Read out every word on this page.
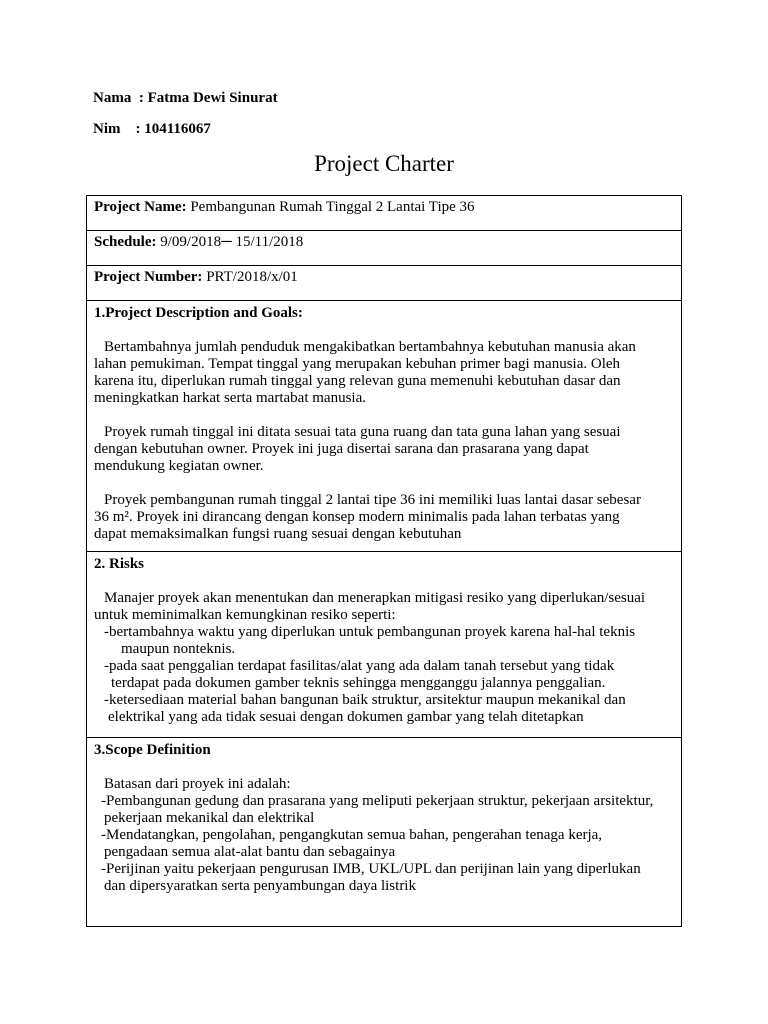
Nama  : Fatma Dewi Sinurat
Nim    : 104116067
Project Charter
Project Name: Pembangunan Rumah Tinggal 2 Lantai Tipe 36

Schedule: 9/09/2018─ 15/11/2018

Project Number: PRT/2018/x/01

1.Project Description and Goals:
Bertambahnya jumlah penduduk mengakibatkan bertambahnya kebutuhan manusia akan
lahan pemukiman. Tempat tinggal yang merupakan kebuhan primer bagi manusia. Oleh
karena itu, diperlukan rumah tinggal yang relevan guna memenuhi kebutuhan dasar dan
meningkatkan harkat serta martabat manusia.
Proyek rumah tinggal ini ditata sesuai tata guna ruang dan tata guna lahan yang sesuai
dengan kebutuhan owner. Proyek ini juga disertai sarana dan prasarana yang dapat
mendukung kegiatan owner.
Proyek pembangunan rumah tinggal 2 lantai tipe 36 ini memiliki luas lantai dasar sebesar
36 m². Proyek ini dirancang dengan konsep modern minimalis pada lahan terbatas yang
dapat memaksimalkan fungsi ruang sesuai dengan kebutuhan

2. Risks
Manajer proyek akan menentukan dan menerapkan mitigasi resiko yang diperlukan/sesuai
untuk meminimalkan kemungkinan resiko seperti:
-bertambahnya waktu yang diperlukan untuk pembangunan proyek karena hal-hal teknis
maupun nonteknis.
-pada saat penggalian terdapat fasilitas/alat yang ada dalam tanah tersebut yang tidak
terdapat pada dokumen gamber teknis sehingga mengganggu jalannya penggalian.
-ketersediaan material bahan bangunan baik struktur, arsitektur maupun mekanikal dan
elektrikal yang ada tidak sesuai dengan dokumen gambar yang telah ditetapkan

3.Scope Definition
Batasan dari proyek ini adalah:
-Pembangunan gedung dan prasarana yang meliputi pekerjaan struktur, pekerjaan arsitektur,
pekerjaan mekanikal dan elektrikal
-Mendatangkan, pengolahan, pengangkutan semua bahan, pengerahan tenaga kerja,
pengadaan semua alat-alat bantu dan sebagainya
-Perijinan yaitu pekerjaan pengurusan IMB, UKL/UPL dan perijinan lain yang diperlukan
dan dipersyaratkan serta penyambungan daya listrik
